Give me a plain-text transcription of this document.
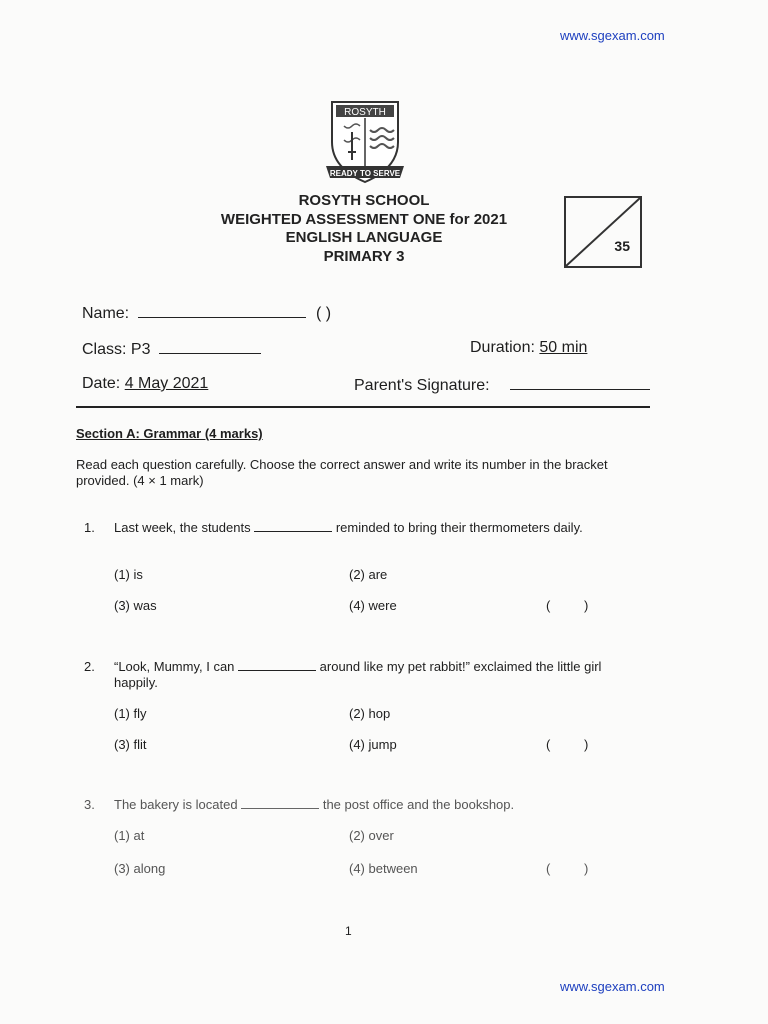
www.sgexam.com
www.sgexam.com
ROSYTH
READY TO SERVE
ROSYTH SCHOOL
WEIGHTED ASSESSMENT ONE for 2021
ENGLISH LANGUAGE
PRIMARY 3
35
Name:	( )
Class: P3	Duration: 50 min
Date: 4 May 2021	Parent's Signature:
Section A: Grammar (4 marks)
Read each question carefully. Choose the correct answer and write its number in the bracket provided. (4 × 1 mark)
1. Last week, the students	reminded to bring their thermometers daily.
(1) is	(2) are
(3) was	(4) were	( )
2. “Look, Mummy, I can	around like my pet rabbit!” exclaimed the little girl happily.
(1) fly	(2) hop
(3) flit	(4) jump	( )
3. The bakery is located	the post office and the bookshop.
(1) at	(2) over
(3) along	(4) between	( )
1
